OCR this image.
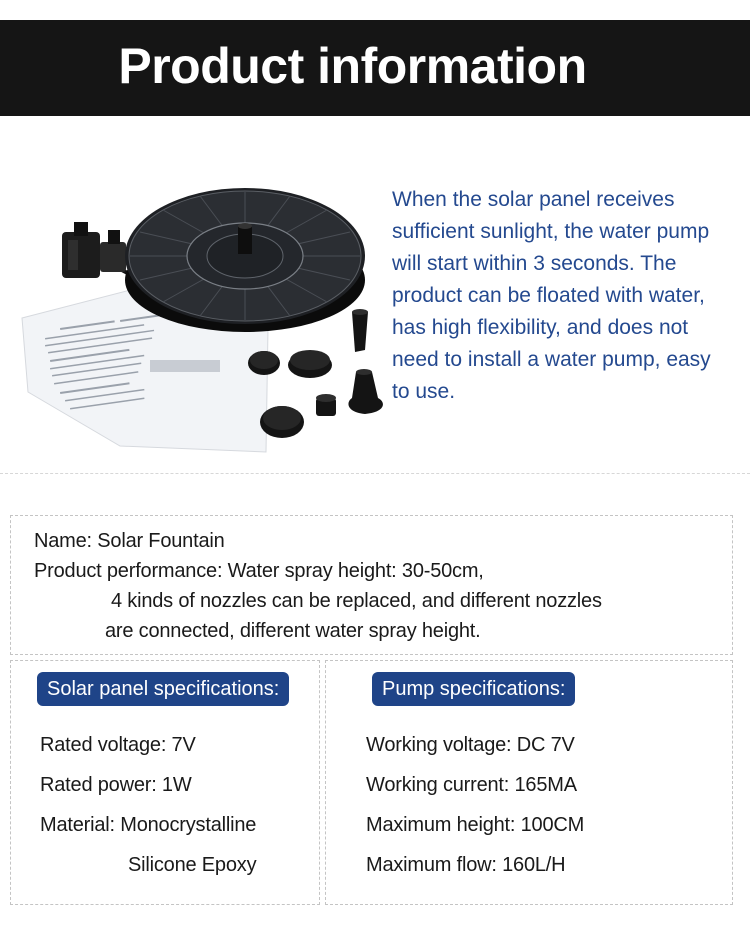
Product information
When the solar panel receives
sufficient sunlight, the water pump
will start within 3 seconds. The
product can be floated with water,
has high flexibility, and does not
need to install a water pump, easy
to use.
Name: Solar Fountain
Product performance: Water spray height: 30-50cm,
4 kinds of nozzles can be replaced, and different nozzles
are connected, different water spray height.
Solar panel specifications:
Rated voltage: 7V
Rated power: 1W
Material: Monocrystalline
Silicone Epoxy
Pump specifications:
Working voltage: DC 7V
Working current: 165MA
Maximum height: 100CM
Maximum flow: 160L/H
